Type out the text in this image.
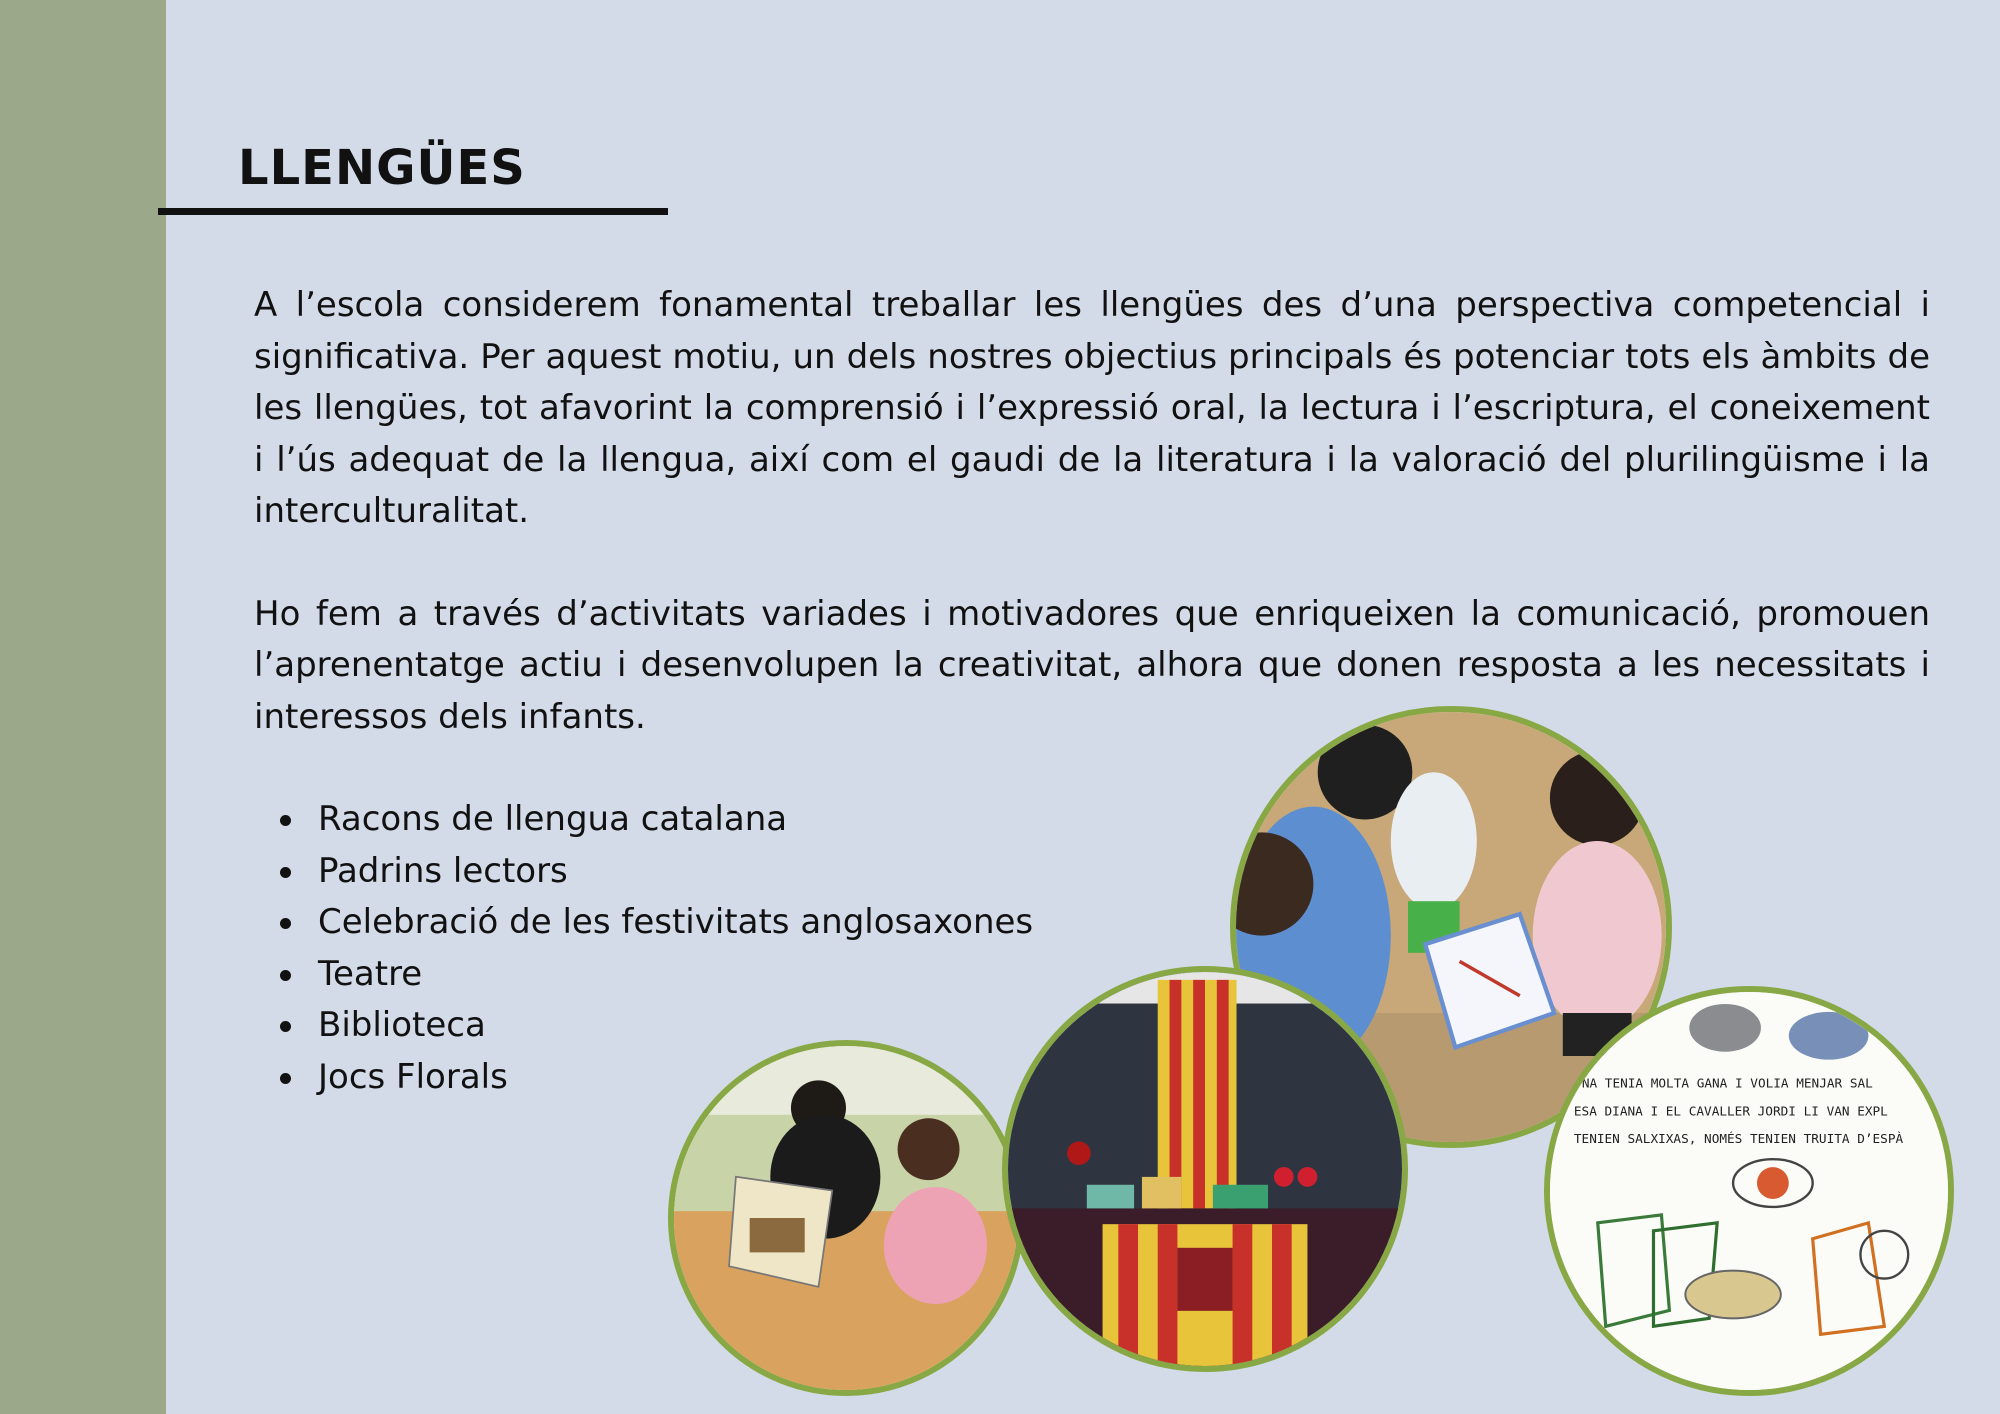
LLENGÜES

A l’escola considerem fonamental treballar les llengües des d’una perspectiva competencial i significativa. Per aquest motiu, un dels nostres objectius principals és potenciar tots els àmbits de les llengües, tot afavorint la comprensió i l’expressió oral, la lectura i l’escriptura, el coneixement i l’ús adequat de la llengua, així com el gaudi de la literatura i la valoració del plurilingüisme i la interculturalitat.

Ho fem a través d’activitats variades i motivadores que enriqueixen la comunicació, promouen l’aprenentatge actiu i desenvolupen la creativitat, alhora que donen resposta a les necessitats i interessos dels infants.

Racons de llengua catalana
Padrins lectors
Celebració de les festivitats anglosaxones
Teatre
Biblioteca
Jocs Florals	NA TENIA MOLTA GANA I VOLIA MENJAR SAL
ESA DIANA I EL CAVALLER JORDI LI VAN EXPL
TENIEN SALXIXAS, NOMÉS TENIEN TRUITA D’ESPÀ
